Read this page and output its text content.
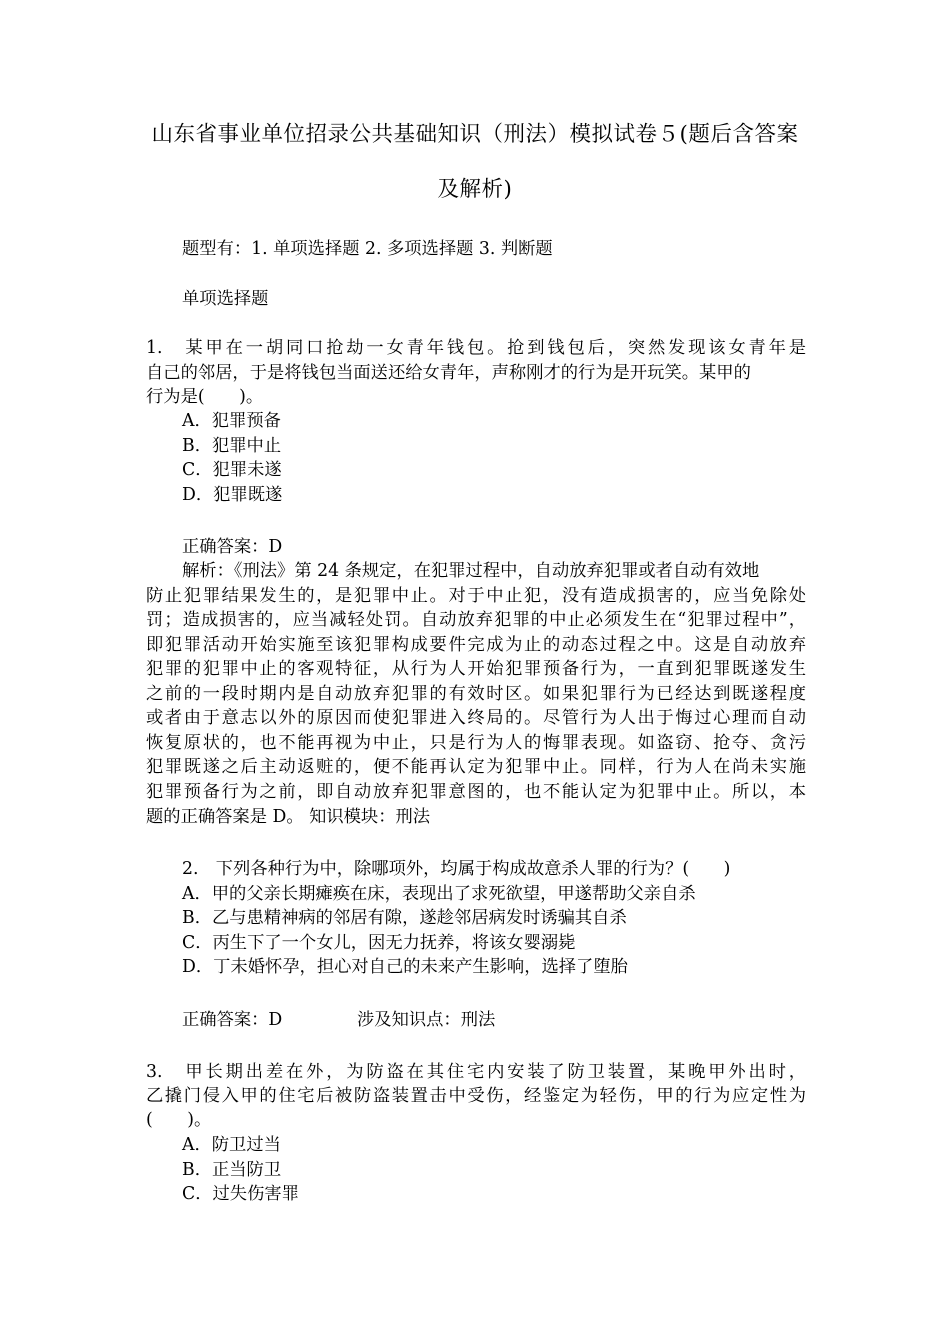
山东省事业单位招录公共基础知识（刑法）模拟试卷５(题后含答案
及解析)
题型有：1. 单项选择题 2. 多项选择题 3. 判断题
单项选择题
1.　某甲在一胡同口抢劫一女青年钱包。抢到钱包后，突然发现该女青年是
自己的邻居，于是将钱包当面送还给女青年，声称刚才的行为是开玩笑。某甲的
行为是(　　)。
A．犯罪预备
B．犯罪中止
C．犯罪未遂
D．犯罪既遂
正确答案：D
解析：《刑法》第 24 条规定，在犯罪过程中，自动放弃犯罪或者自动有效地
防止犯罪结果发生的，是犯罪中止。对于中止犯，没有造成损害的，应当免除处
罚；造成损害的，应当减轻处罚。自动放弃犯罪的中止必须发生在“犯罪过程中”，
即犯罪活动开始实施至该犯罪构成要件完成为止的动态过程之中。这是自动放弃
犯罪的犯罪中止的客观特征，从行为人开始犯罪预备行为，一直到犯罪既遂发生
之前的一段时期内是自动放弃犯罪的有效时区。如果犯罪行为已经达到既遂程度
或者由于意志以外的原因而使犯罪进入终局的。尽管行为人出于悔过心理而自动
恢复原状的，也不能再视为中止，只是行为人的悔罪表现。如盗窃、抢夺、贪污
犯罪既遂之后主动返赃的，便不能再认定为犯罪中止。同样，行为人在尚未实施
犯罪预备行为之前，即自动放弃犯罪意图的，也不能认定为犯罪中止。所以，本
题的正确答案是 D。 知识模块：刑法
2.　下列各种行为中，除哪项外，均属于构成故意杀人罪的行为？(　　)
A．甲的父亲长期瘫痪在床，表现出了求死欲望，甲遂帮助父亲自杀
B．乙与患精神病的邻居有隙，遂趁邻居病发时诱骗其自杀
C．丙生下了一个女儿，因无力抚养，将该女婴溺毙
D．丁未婚怀孕，担心对自己的未来产生影响，选择了堕胎
正确答案：D	涉及知识点：刑法
3.　甲长期出差在外，为防盗在其住宅内安装了防卫装置，某晚甲外出时，
乙撬门侵入甲的住宅后被防盗装置击中受伤，经鉴定为轻伤，甲的行为应定性为
(　　)。
A．防卫过当
B．正当防卫
C．过失伤害罪
